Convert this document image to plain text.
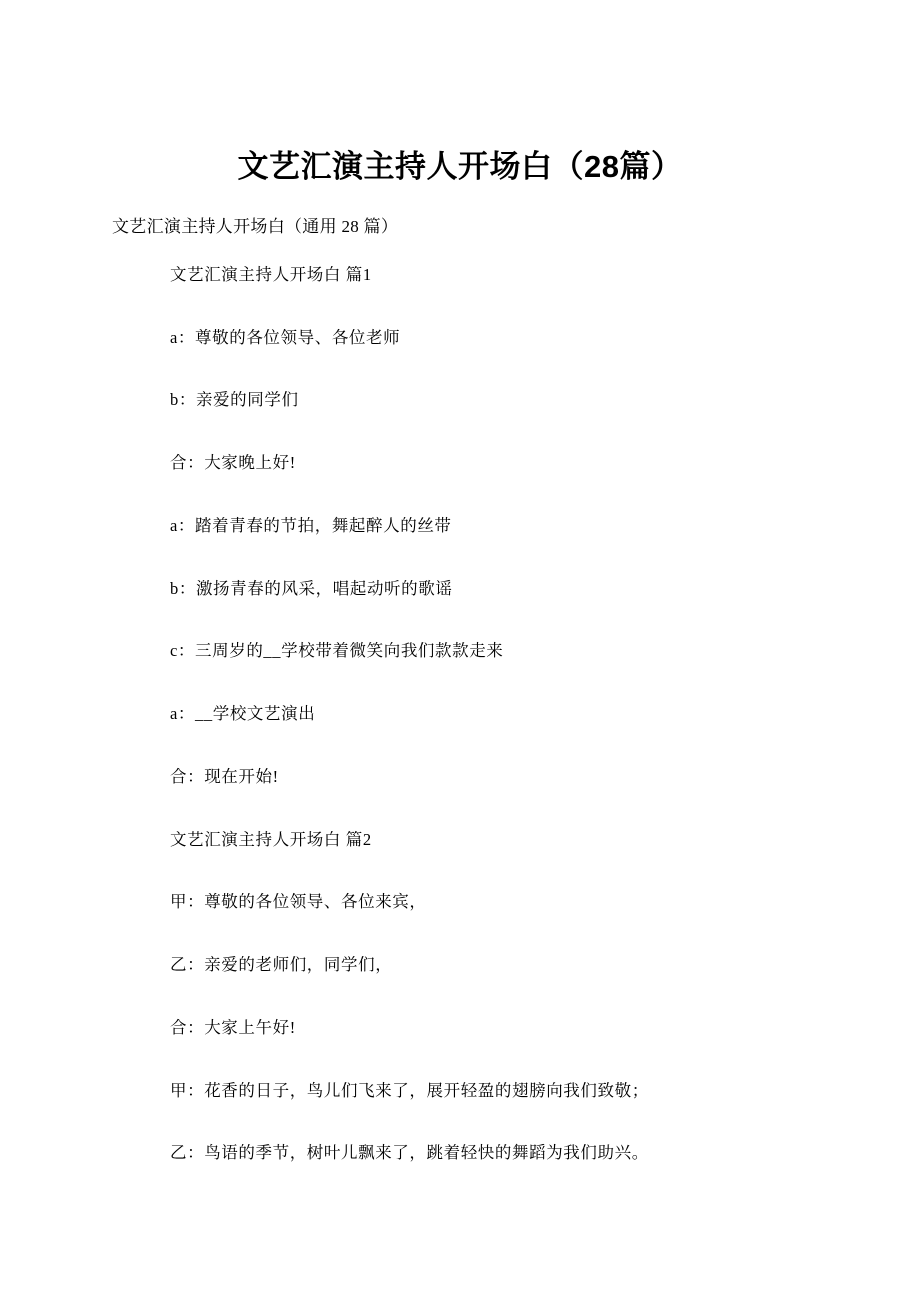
文艺汇演主持人开场白（28篇）

文艺汇演主持人开场白（通用 28 篇）

文艺汇演主持人开场白 篇1

a：尊敬的各位领导、各位老师

b：亲爱的同学们

合：大家晚上好!

a：踏着青春的节拍，舞起醉人的丝带

b：激扬青春的风采，唱起动听的歌谣

c：三周岁的__学校带着微笑向我们款款走来

a：__学校文艺演出

合：现在开始!

文艺汇演主持人开场白 篇2

甲：尊敬的各位领导、各位来宾，

乙：亲爱的老师们，同学们，

合：大家上午好!

甲：花香的日子，鸟儿们飞来了，展开轻盈的翅膀向我们致敬；

乙：鸟语的季节，树叶儿飘来了，跳着轻快的舞蹈为我们助兴。
